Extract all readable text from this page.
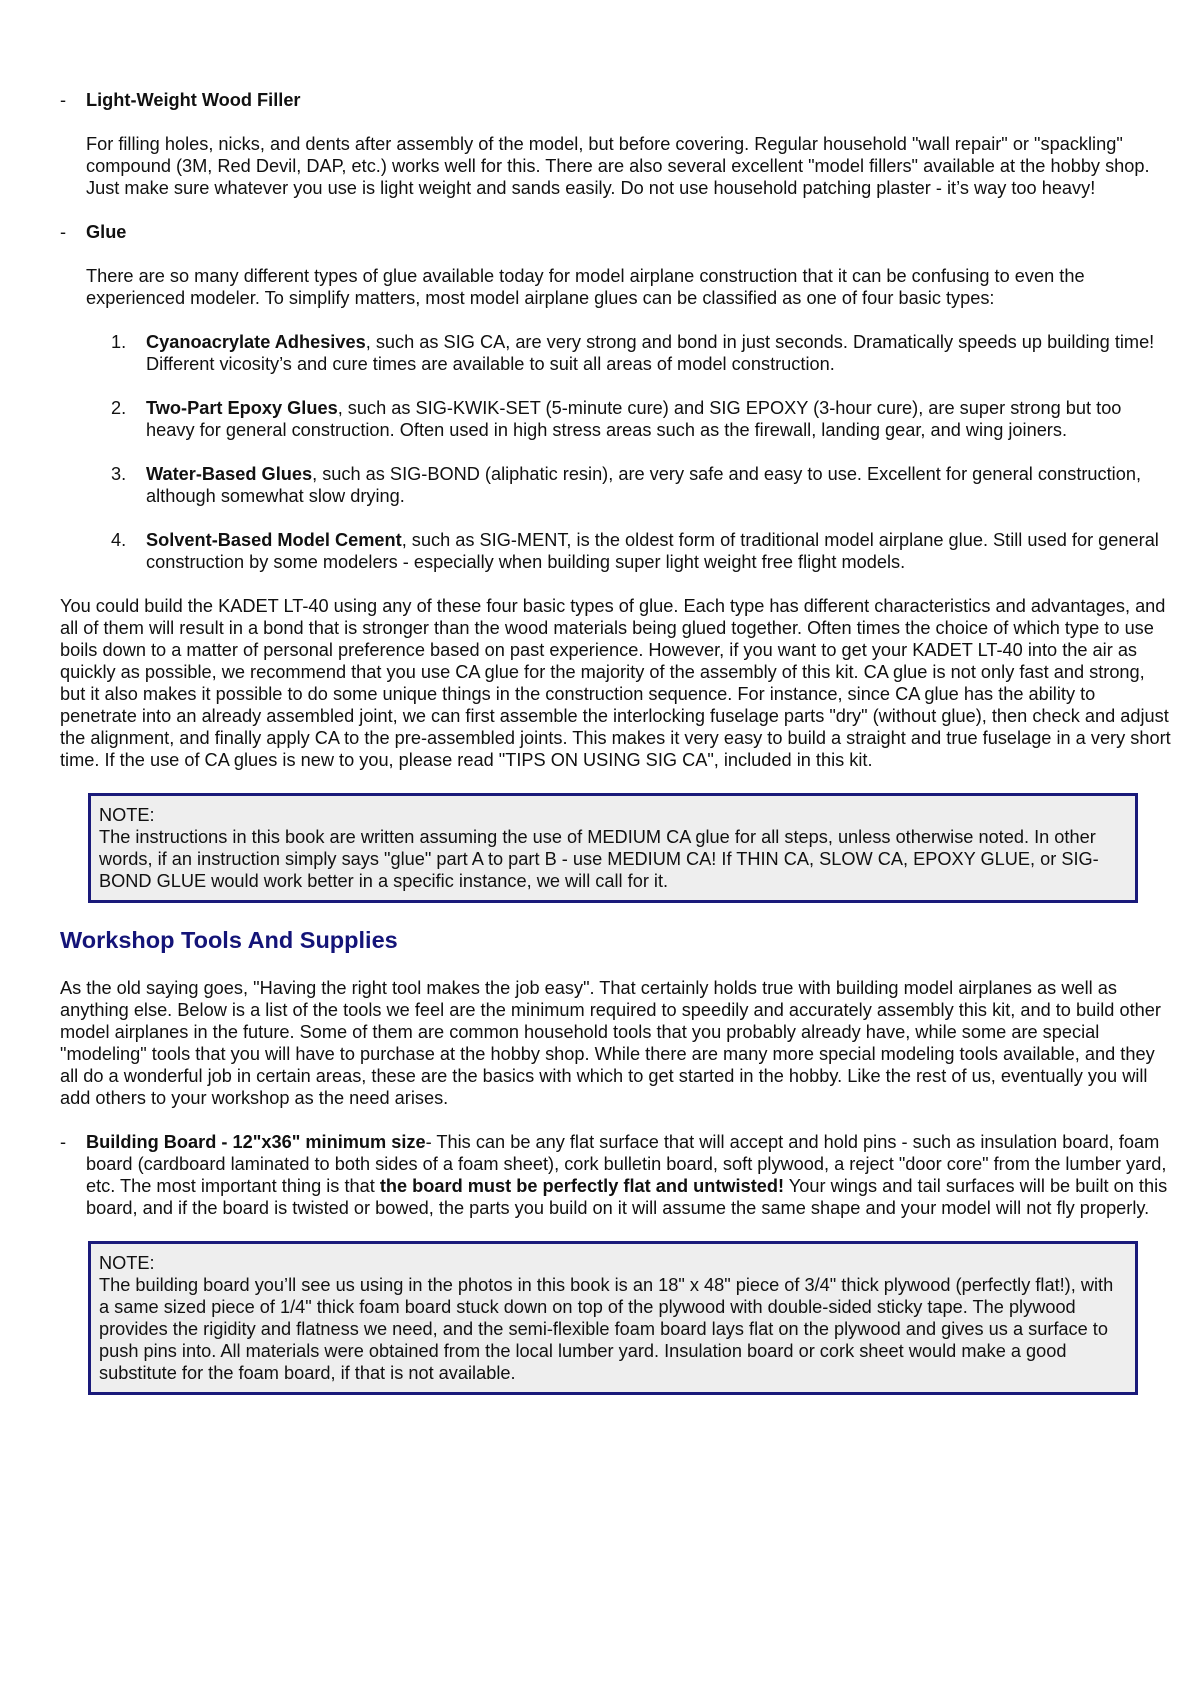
- Light-Weight Wood Filler

For filling holes, nicks, and dents after assembly of the model, but before covering. Regular household "wall repair" or "spackling" compound (3M, Red Devil, DAP, etc.) works well for this. There are also several excellent "model fillers" available at the hobby shop. Just make sure whatever you use is light weight and sands easily. Do not use household patching plaster - it’s way too heavy!

- Glue

There are so many different types of glue available today for model airplane construction that it can be confusing to even the experienced modeler. To simplify matters, most model airplane glues can be classified as one of four basic types:

1. Cyanoacrylate Adhesives, such as SIG CA, are very strong and bond in just seconds. Dramatically speeds up building time! Different vicosity’s and cure times are available to suit all areas of model construction.
2. Two-Part Epoxy Glues, such as SIG-KWIK-SET (5-minute cure) and SIG EPOXY (3-hour cure), are super strong but too heavy for general construction. Often used in high stress areas such as the firewall, landing gear, and wing joiners.
3. Water-Based Glues, such as SIG-BOND (aliphatic resin), are very safe and easy to use. Excellent for general construction, although somewhat slow drying.
4. Solvent-Based Model Cement, such as SIG-MENT, is the oldest form of traditional model airplane glue. Still used for general construction by some modelers - especially when building super light weight free flight models.

You could build the KADET LT-40 using any of these four basic types of glue. Each type has different characteristics and advantages, and all of them will result in a bond that is stronger than the wood materials being glued together. Often times the choice of which type to use boils down to a matter of personal preference based on past experience. However, if you want to get your KADET LT-40 into the air as quickly as possible, we recommend that you use CA glue for the majority of the assembly of this kit. CA glue is not only fast and strong, but it also makes it possible to do some unique things in the construction sequence. For instance, since CA glue has the ability to penetrate into an already assembled joint, we can first assemble the interlocking fuselage parts "dry" (without glue), then check and adjust the alignment, and finally apply CA to the pre-assembled joints. This makes it very easy to build a straight and true fuselage in a very short time. If the use of CA glues is new to you, please read "TIPS ON USING SIG CA", included in this kit.

NOTE:

The instructions in this book are written assuming the use of MEDIUM CA glue for all steps, unless otherwise noted. In other words, if an instruction simply says "glue" part A to part B - use MEDIUM CA! If THIN CA, SLOW CA, EPOXY GLUE, or SIG-BOND GLUE would work better in a specific instance, we will call for it.

Workshop Tools And Supplies

As the old saying goes, "Having the right tool makes the job easy". That certainly holds true with building model airplanes as well as anything else. Below is a list of the tools we feel are the minimum required to speedily and accurately assembly this kit, and to build other model airplanes in the future. Some of them are common household tools that you probably already have, while some are special "modeling" tools that you will have to purchase at the hobby shop. While there are many more special modeling tools available, and they all do a wonderful job in certain areas, these are the basics with which to get started in the hobby. Like the rest of us, eventually you will add others to your workshop as the need arises.

- Building Board - 12"x36" minimum size- This can be any flat surface that will accept and hold pins - such as insulation board, foam board (cardboard laminated to both sides of a foam sheet), cork bulletin board, soft plywood, a reject "door core" from the lumber yard, etc. The most important thing is that the board must be perfectly flat and untwisted! Your wings and tail surfaces will be built on this board, and if the board is twisted or bowed, the parts you build on it will assume the same shape and your model will not fly properly.

NOTE:

The building board you’ll see us using in the photos in this book is an 18" x 48" piece of 3/4" thick plywood (perfectly flat!), with a same sized piece of 1/4" thick foam board stuck down on top of the plywood with double-sided sticky tape. The plywood provides the rigidity and flatness we need, and the semi-flexible foam board lays flat on the plywood and gives us a surface to push pins into. All materials were obtained from the local lumber yard. Insulation board or cork sheet would make a good substitute for the foam board, if that is not available.
